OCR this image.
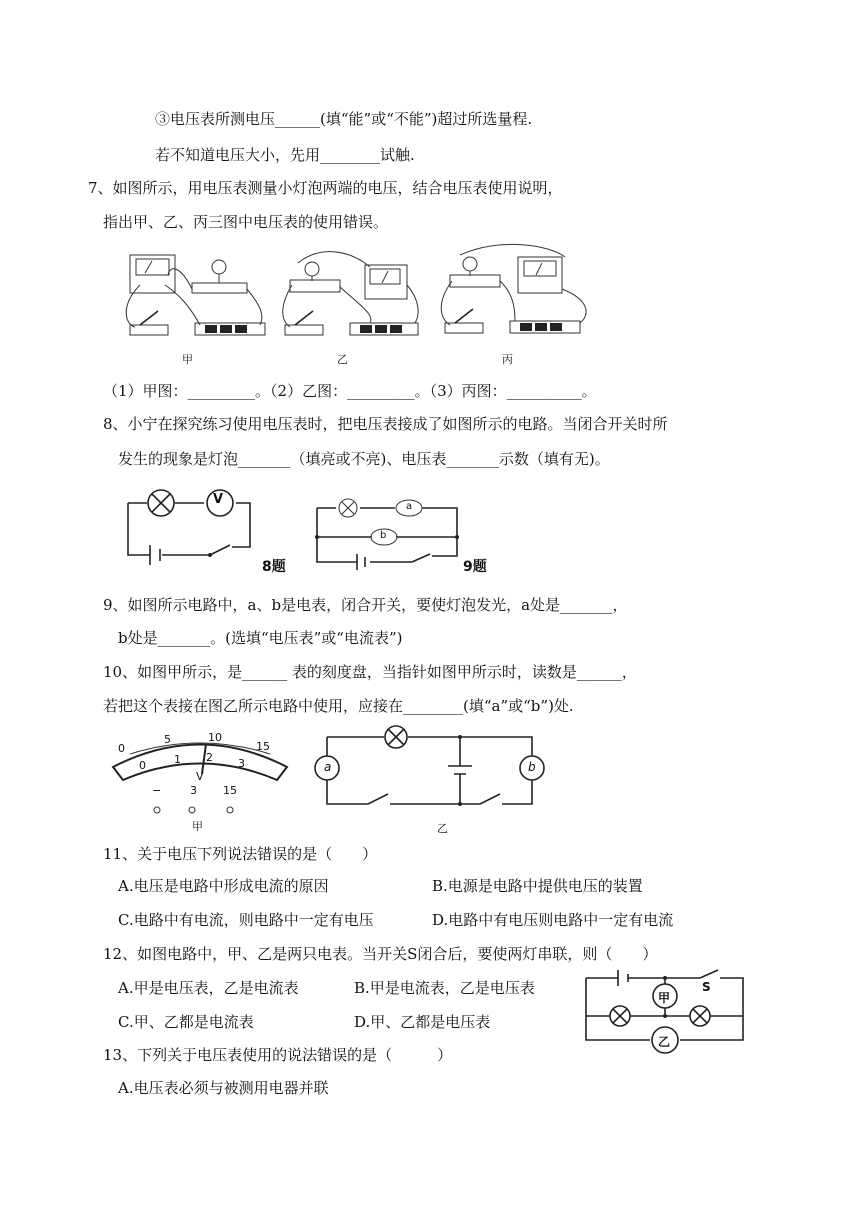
③电压表所测电压______(填“能”或“不能”)超过所选量程.
若不知道电压大小，先用________试触.
7、如图所示，用电压表测量小灯泡两端的电压，结合电压表使用说明，
指出甲、乙、丙三图中电压表的使用错误。
甲	乙	丙
（1）甲图：_________。（2）乙图：_________。（3）丙图：__________。
8、小宁在探究练习使用电压表时，把电压表接成了如图所示的电路。当闭合开关时所
发生的现象是灯泡_______（填亮或不亮)、电压表_______示数（填有无)。
V
8题
a
b
9题
9、如图所示电路中，a、b是电表，闭合开关，要使灯泡发光，a处是_______，
b处是_______。(选填“电压表”或“电流表”)
10、如图甲所示，是______ 表的刻度盘，当指针如图甲所示时，读数是______，
若把这个表接在图乙所示电路中使用，应接在________(填“a”或“b”)处.
0
5	10
15
0	1 2 3
V
−	3 15
甲
a	b
乙
11、关于电压下列说法错误的是（　　）
A.电压是电路中形成电流的原因	B.电源是电路中提供电压的装置
C.电路中有电流，则电路中一定有电压	D.电路中有电压则电路中一定有电流
12、如图电路中，甲、乙是两只电表。当开关S闭合后，要使两灯串联，则（　　）
A.甲是电压表，乙是电流表	B.甲是电流表，乙是电压表
C.甲、乙都是电流表	D.甲、乙都是电压表
甲
乙
S
13、下列关于电压表使用的说法错误的是（　　　）
A.电压表必须与被测用电器并联
